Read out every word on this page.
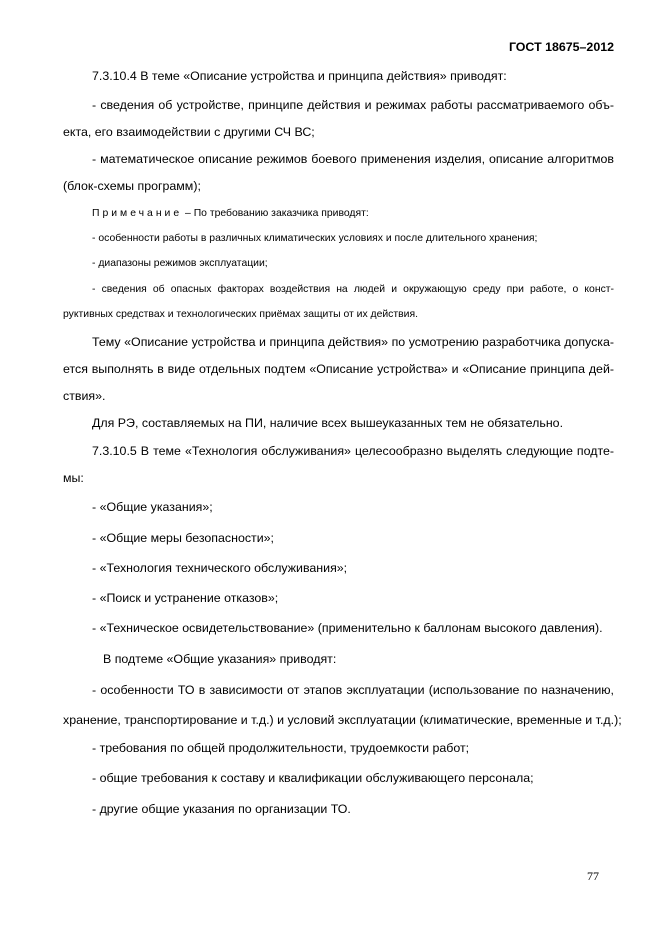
ГОСТ 18675–2012
7.3.10.4 В теме «Описание устройства и принципа действия» приводят:
- сведения об устройстве, принципе действия и режимах работы рассматриваемого объ-
екта, его взаимодействии с другими СЧ ВС;
- математическое описание режимов боевого применения изделия, описание алгоритмов
(блок-схемы программ);
Примечание – По требованию заказчика приводят:
- особенности работы в различных климатических условиях и после длительного хранения;
- диапазоны режимов эксплуатации;
- сведения об опасных факторах воздействия на людей и окружающую среду при работе, о конст-
руктивных средствах и технологических приёмах защиты от их действия.
Тему «Описание устройства и принципа действия» по усмотрению разработчика допуска-
ется выполнять в виде отдельных подтем «Описание устройства» и «Описание принципа дей-
ствия».
Для РЭ, составляемых на ПИ, наличие всех вышеуказанных тем не обязательно.
7.3.10.5 В теме «Технология обслуживания» целесообразно выделять следующие подте-
мы:
- «Общие указания»;
- «Общие меры безопасности»;
- «Технология технического обслуживания»;
- «Поиск и устранение отказов»;
- «Техническое освидетельствование» (применительно к баллонам высокого давления).
В подтеме «Общие указания» приводят:
- особенности ТО в зависимости от этапов эксплуатации (использование по назначению,
хранение, транспортирование и т.д.) и условий эксплуатации (климатические, временные и т.д.);
- требования по общей продолжительности, трудоемкости работ;
- общие требования к составу и квалификации обслуживающего персонала;
- другие общие указания по организации ТО.
77
